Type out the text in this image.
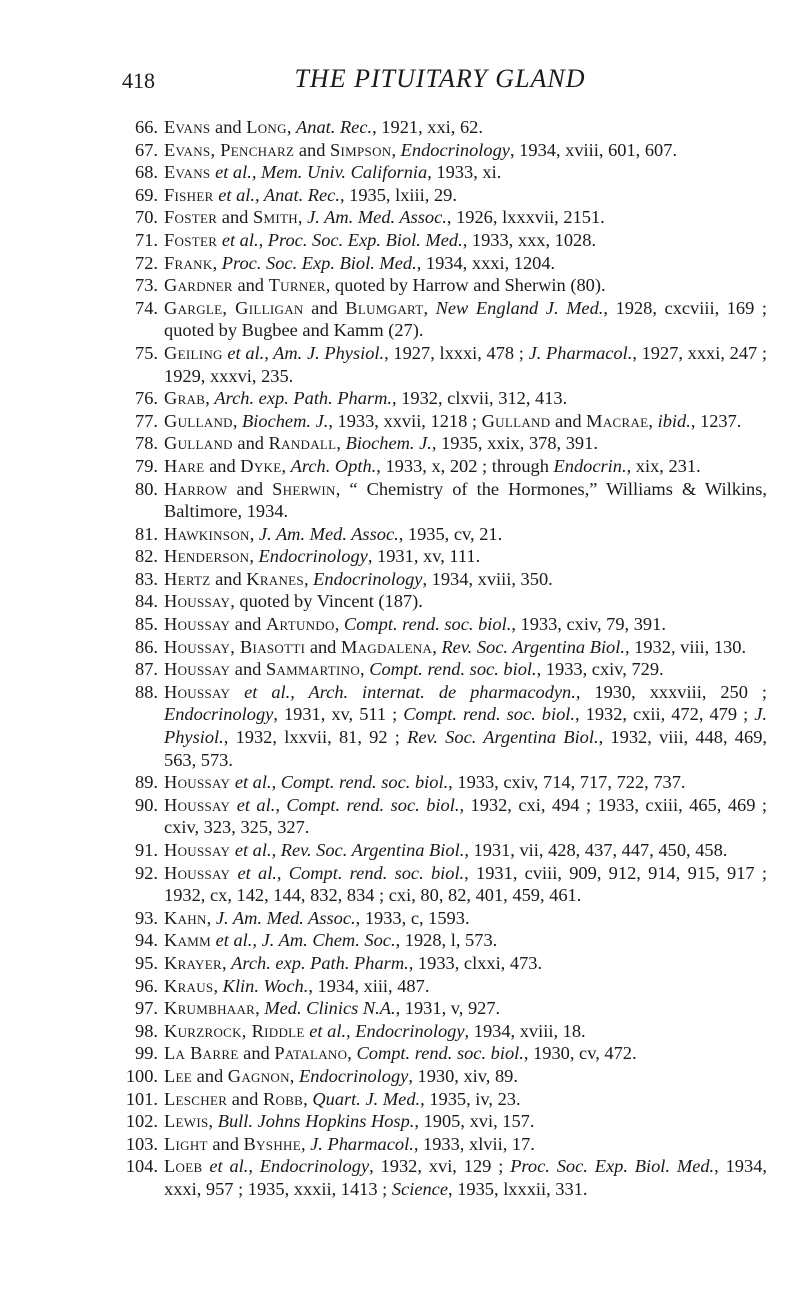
418	THE PITUITARY GLAND
66. Evans and Long, Anat. Rec., 1921, xxi, 62.
67. Evans, Pencharz and Simpson, Endocrinology, 1934, xviii, 601, 607.
68. Evans et al., Mem. Univ. California, 1933, xi.
69. Fisher et al., Anat. Rec., 1935, lxiii, 29.
70. Foster and Smith, J. Am. Med. Assoc., 1926, lxxxvii, 2151.
71. Foster et al., Proc. Soc. Exp. Biol. Med., 1933, xxx, 1028.
72. Frank, Proc. Soc. Exp. Biol. Med., 1934, xxxi, 1204.
73. Gardner and Turner, quoted by Harrow and Sherwin (80).
74. Gargle, Gilligan and Blumgart, New England J. Med., 1928, cxcviii, 169 ; quoted by Bugbee and Kamm (27).
75. Geiling et al., Am. J. Physiol., 1927, lxxxi, 478 ; J. Pharmacol., 1927, xxxi, 247 ; 1929, xxxvi, 235.
76. Grab, Arch. exp. Path. Pharm., 1932, clxvii, 312, 413.
77. Gulland, Biochem. J., 1933, xxvii, 1218 ; Gulland and Macrae, ibid., 1237.
78. Gulland and Randall, Biochem. J., 1935, xxix, 378, 391.
79. Hare and Dyke, Arch. Opth., 1933, x, 202 ; through Endocrin., xix, 231.
80. Harrow and Sherwin, “ Chemistry of the Hormones,” Williams & Wilkins, Baltimore, 1934.
81. Hawkinson, J. Am. Med. Assoc., 1935, cv, 21.
82. Henderson, Endocrinology, 1931, xv, 111.
83. Hertz and Kranes, Endocrinology, 1934, xviii, 350.
84. Houssay, quoted by Vincent (187).
85. Houssay and Artundo, Compt. rend. soc. biol., 1933, cxiv, 79, 391.
86. Houssay, Biasotti and Magdalena, Rev. Soc. Argentina Biol., 1932, viii, 130.
87. Houssay and Sammartino, Compt. rend. soc. biol., 1933, cxiv, 729.
88. Houssay et al., Arch. internat. de pharmacodyn., 1930, xxxviii, 250 ; Endocrinology, 1931, xv, 511 ; Compt. rend. soc. biol., 1932, cxii, 472, 479 ; J. Physiol., 1932, lxxvii, 81, 92 ; Rev. Soc. Argentina Biol., 1932, viii, 448, 469, 563, 573.
89. Houssay et al., Compt. rend. soc. biol., 1933, cxiv, 714, 717, 722, 737.
90. Houssay et al., Compt. rend. soc. biol., 1932, cxi, 494 ; 1933, cxiii, 465, 469 ; cxiv, 323, 325, 327.
91. Houssay et al., Rev. Soc. Argentina Biol., 1931, vii, 428, 437, 447, 450, 458.
92. Houssay et al., Compt. rend. soc. biol., 1931, cviii, 909, 912, 914, 915, 917 ; 1932, cx, 142, 144, 832, 834 ; cxi, 80, 82, 401, 459, 461.
93. Kahn, J. Am. Med. Assoc., 1933, c, 1593.
94. Kamm et al., J. Am. Chem. Soc., 1928, l, 573.
95. Krayer, Arch. exp. Path. Pharm., 1933, clxxi, 473.
96. Kraus, Klin. Woch., 1934, xiii, 487.
97. Krumbhaar, Med. Clinics N.A., 1931, v, 927.
98. Kurzrock, Riddle et al., Endocrinology, 1934, xviii, 18.
99. La Barre and Patalano, Compt. rend. soc. biol., 1930, cv, 472.
100. Lee and Gagnon, Endocrinology, 1930, xiv, 89.
101. Lescher and Robb, Quart. J. Med., 1935, iv, 23.
102. Lewis, Bull. Johns Hopkins Hosp., 1905, xvi, 157.
103. Light and Byshhe, J. Pharmacol., 1933, xlvii, 17.
104. Loeb et al., Endocrinology, 1932, xvi, 129 ; Proc. Soc. Exp. Biol. Med., 1934, xxxi, 957 ; 1935, xxxii, 1413 ; Science, 1935, lxxxii, 331.
